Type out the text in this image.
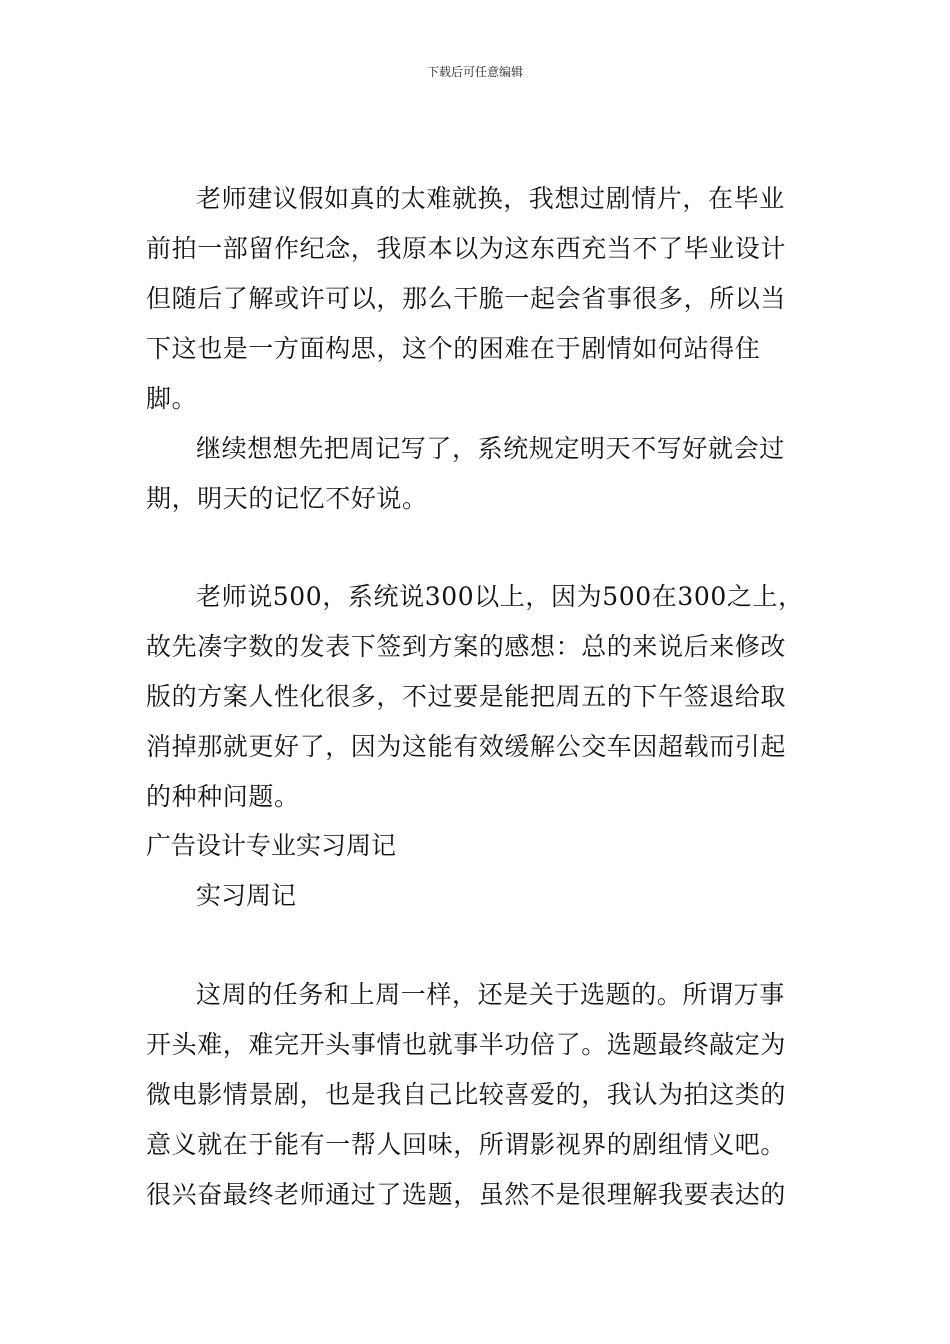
下载后可任意编辑

老师建议假如真的太难就换，我想过剧情片，在毕业前拍一部留作纪念，我原本以为这东西充当不了毕业设计但随后了解或许可以，那么干脆一起会省事很多，所以当下这也是一方面构思，这个的困难在于剧情如何站得住脚。

继续想想先把周记写了，系统规定明天不写好就会过期，明天的记忆不好说。

老师说500，系统说300以上，因为500在300之上，故先凑字数的发表下签到方案的感想：总的来说后来修改版的方案人性化很多，不过要是能把周五的下午签退给取消掉那就更好了，因为这能有效缓解公交车因超载而引起的种种问题。

广告设计专业实习周记

实习周记

这周的任务和上周一样，还是关于选题的。所谓万事开头难，难完开头事情也就事半功倍了。选题最终敲定为微电影情景剧，也是我自己比较喜爱的，我认为拍这类的意义就在于能有一帮人回味，所谓影视界的剧组情义吧。很兴奋最终老师通过了选题，虽然不是很理解我要表达的
